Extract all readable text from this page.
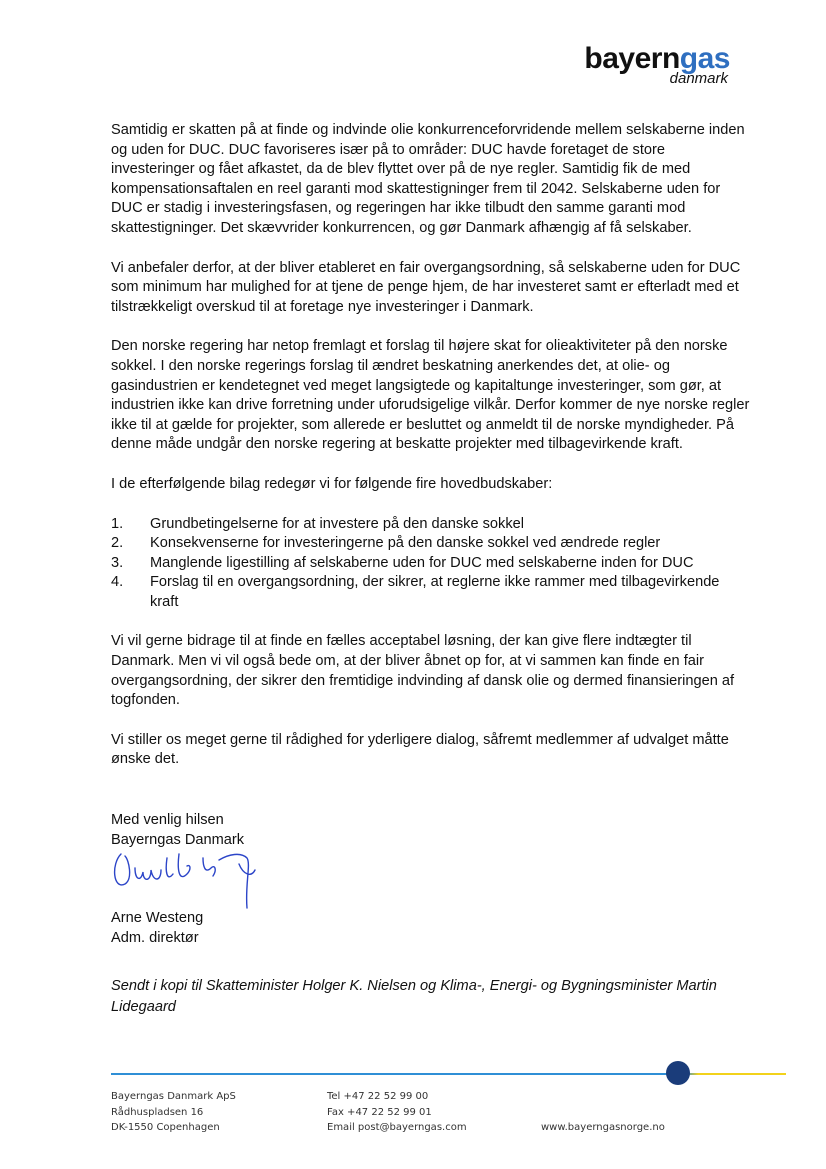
bayerngas
danmark

Samtidig er skatten på at finde og indvinde olie konkurrenceforvridende mellem selskaberne inden og uden for DUC. DUC favoriseres især på to områder: DUC havde foretaget de store investeringer og fået afkastet, da de blev flyttet over på de nye regler. Samtidig fik de med kompensationsaftalen en reel garanti mod skattestigninger frem til 2042. Selskaberne uden for DUC er stadig i investeringsfasen, og regeringen har ikke tilbudt den samme garanti mod skattestigninger. Det skævvrider konkurrencen, og gør Danmark afhængig af få selskaber.

Vi anbefaler derfor, at der bliver etableret en fair overgangsordning, så selskaberne uden for DUC som minimum har mulighed for at tjene de penge hjem, de har investeret samt er efterladt med et tilstrækkeligt overskud til at foretage nye investeringer i Danmark.

Den norske regering har netop fremlagt et forslag til højere skat for olieaktiviteter på den norske sokkel. I den norske regerings forslag til ændret beskatning anerkendes det, at olie- og gasindustrien er kendetegnet ved meget langsigtede og kapitaltunge investeringer, som gør, at industrien ikke kan drive forretning under uforudsigelige vilkår. Derfor kommer de nye norske regler ikke til at gælde for projekter, som allerede er besluttet og anmeldt til de norske myndigheder. På denne måde undgår den norske regering at beskatte projekter med tilbagevirkende kraft.

I de efterfølgende bilag redegør vi for følgende fire hovedbudskaber:

1.	Grundbetingelserne for at investere på den danske sokkel
2.	Konsekvenserne for investeringerne på den danske sokkel ved ændrede regler
3.	Manglende ligestilling af selskaberne uden for DUC med selskaberne inden for DUC
4.	Forslag til en overgangsordning, der sikrer, at reglerne ikke rammer med tilbagevirkende kraft

Vi vil gerne bidrage til at finde en fælles acceptabel løsning, der kan give flere indtægter til Danmark. Men vi vil også bede om, at der bliver åbnet op for, at vi sammen kan finde en fair overgangsordning, der sikrer den fremtidige indvinding af dansk olie og dermed finansieringen af togfonden.

Vi stiller os meget gerne til rådighed for yderligere dialog, såfremt medlemmer af udvalget måtte ønske det.

Med venlig hilsen
Bayerngas Danmark
Arne Westeng
Adm. direktør
Sendt i kopi til Skatteminister Holger K. Nielsen og Klima-, Energi- og Bygningsminister Martin Lidegaard
Bayerngas Danmark ApS
Rådhuspladsen 16
DK-1550 Copenhagen
Tel +47 22 52 99 00
Fax +47 22 52 99 01
Email post@bayerngas.com	www.bayerngasnorge.no
